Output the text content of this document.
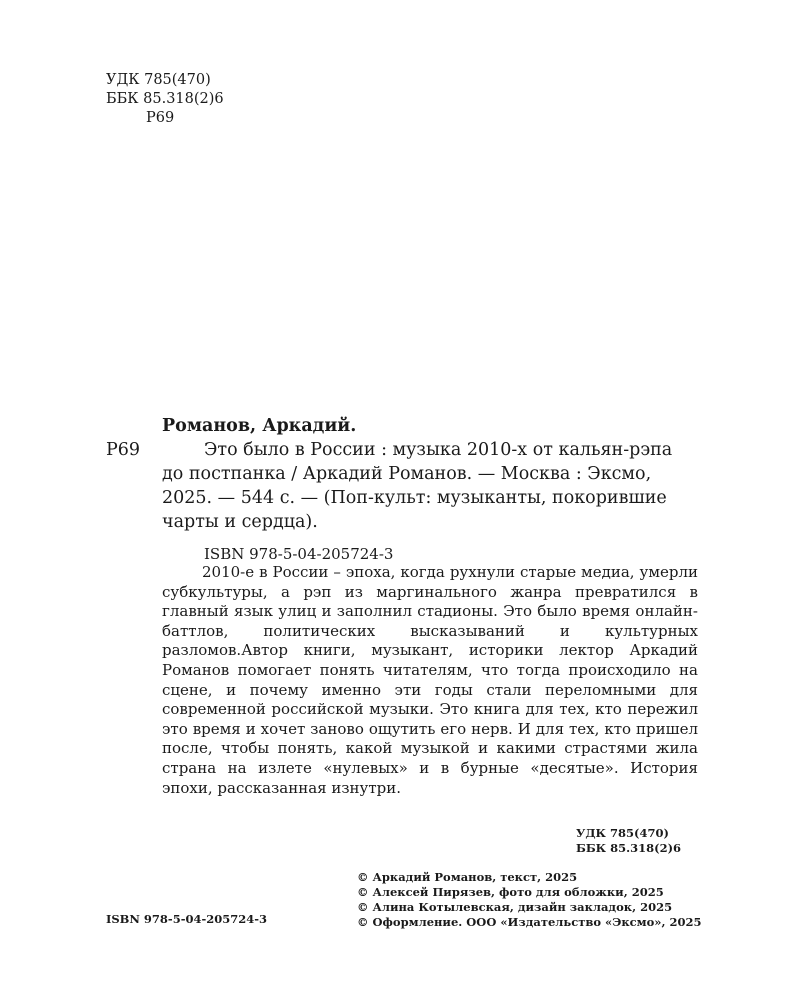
УДК 785(470)
ББК 85.318(2)6
Р69
Романов, Аркадий.
Р69	Это было в России : музыка 2010-х от кальян-рэпа
до постпанка / Аркадий Романов. — Москва : Эксмо,
2025. — 544 с. — (Поп-культ: музыканты, покорившие
чарты и сердца).
ISBN 978-5-04-205724-3
2010-е в России – эпоха, когда рухнули старые медиа, умерли субкультуры, а рэп из маргинального жанра превратился в главный язык улиц и заполнил стадионы. Это было время онлайн-баттлов, политических высказываний и культурных разломов.Автор книги, музыкант, историки лектор Аркадий Романов помогает понять читателям, что тогда происходило на сцене, и почему именно эти годы стали переломными для современной российской музыки. Это книга для тех, кто пережил это время и хочет заново ощутить его нерв. И для тех, кто пришел после, чтобы понять, какой музыкой и какими страстями жила страна на излете «нулевых» и в бурные «десятые». История эпохи, рассказанная изнутри.
УДК 785(470)
ББК 85.318(2)6
© Аркадий Романов, текст, 2025
© Алексей Пирязев, фото для обложки, 2025
© Алина Котылевская, дизайн закладок, 2025
© Оформление. ООО «Издательство «Эксмо», 2025
ISBN 978-5-04-205724-3
